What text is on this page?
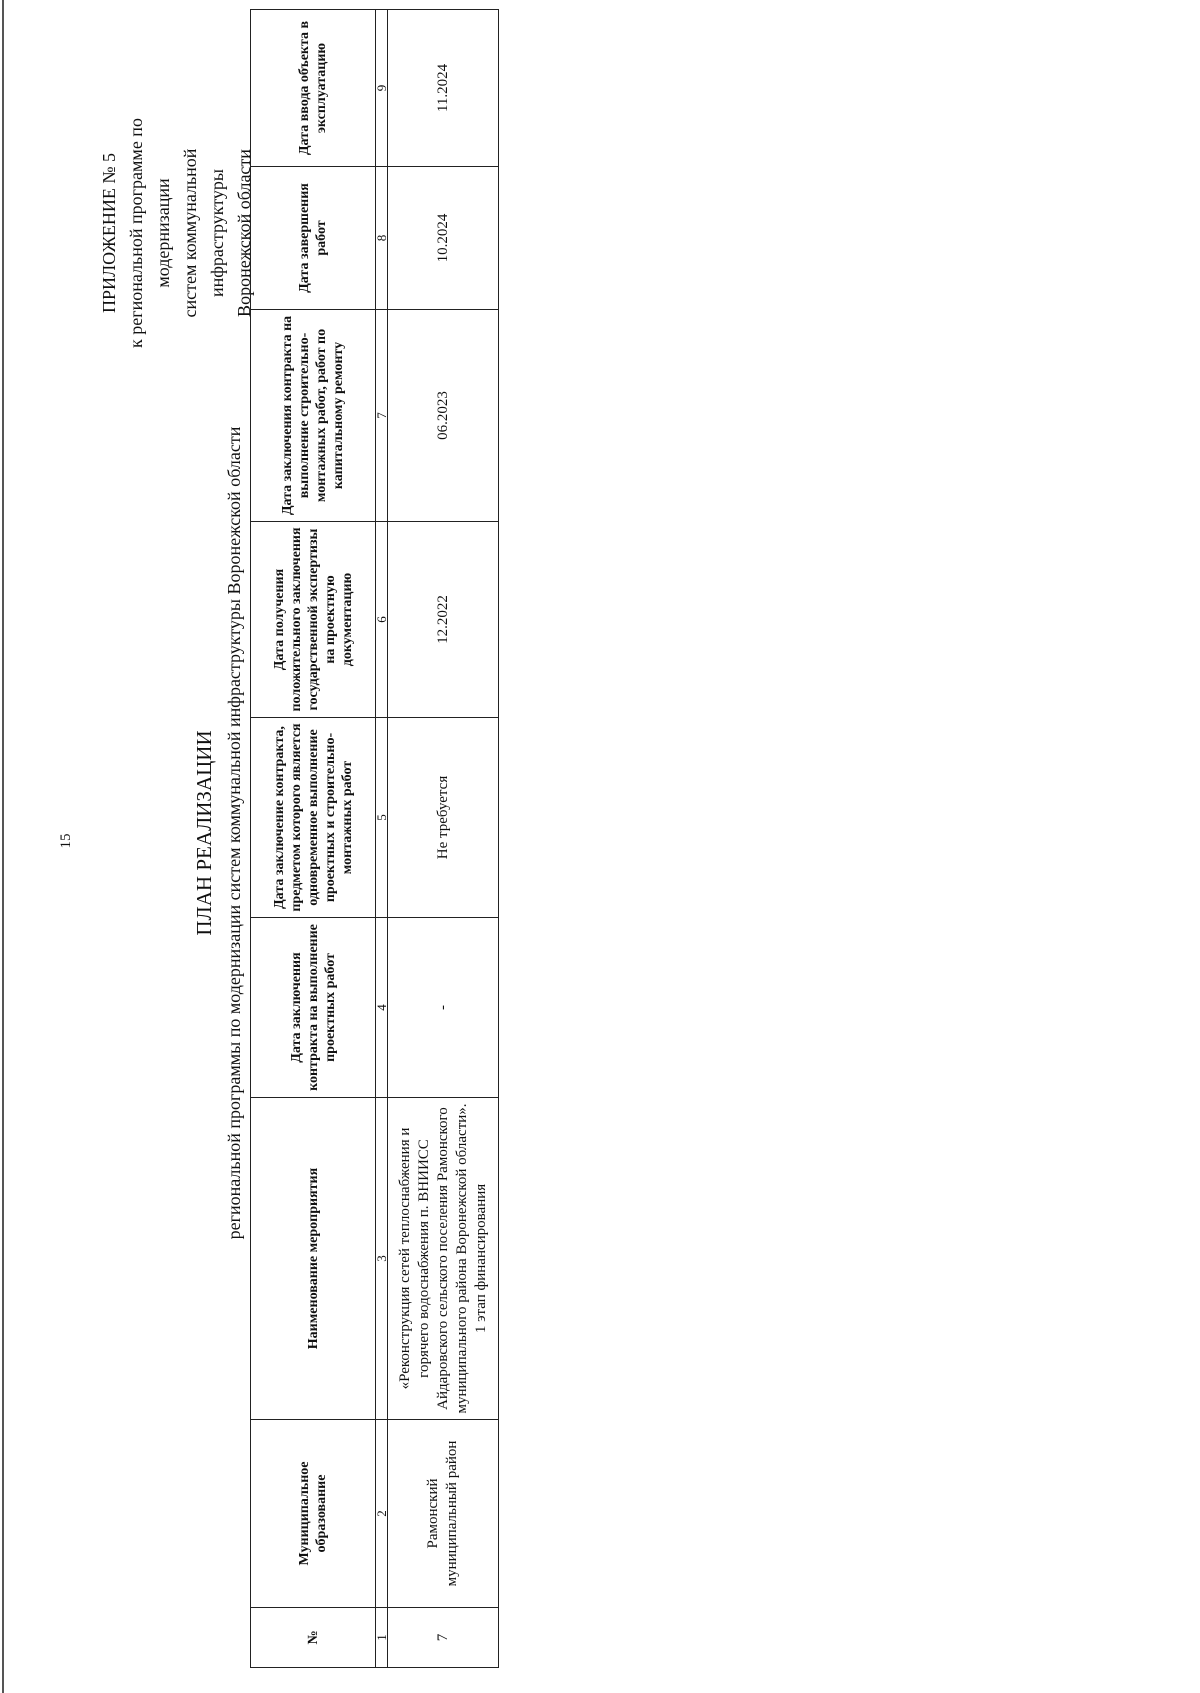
15
ПРИЛОЖЕНИЕ № 5 к региональной программе по модернизации систем коммунальной инфраструктуры Воронежской области
ПЛАН РЕАЛИЗАЦИИ региональной программы по модернизации систем коммунальной инфраструктуры Воронежской области
№	Муниципальное образование	Наименование мероприятия	Дата заключения контракта на выполнение проектных работ	Дата заключение контракта, предметом которого является одновременное выполнение проектных и строительно-монтажных работ	Дата получения положительного заключения государственной экспертизы на проектную документацию	Дата заключения контракта на выполнение строительно-монтажных работ, работ по капитальному ремонту	Дата завершения работ	Дата ввода объекта в эксплуатацию
1	2	3	4	5	6	7	8	9
7	Рамонский муниципальный район	«Реконструкция сетей теплоснабжения и горячего водоснабжения п. ВНИИСС Айдаровского сельского поселения Рамонского муниципального района Воронежской области». 1 этап финансирования	-	Не требуется	12.2022	06.2023	10.2024	11.2024
